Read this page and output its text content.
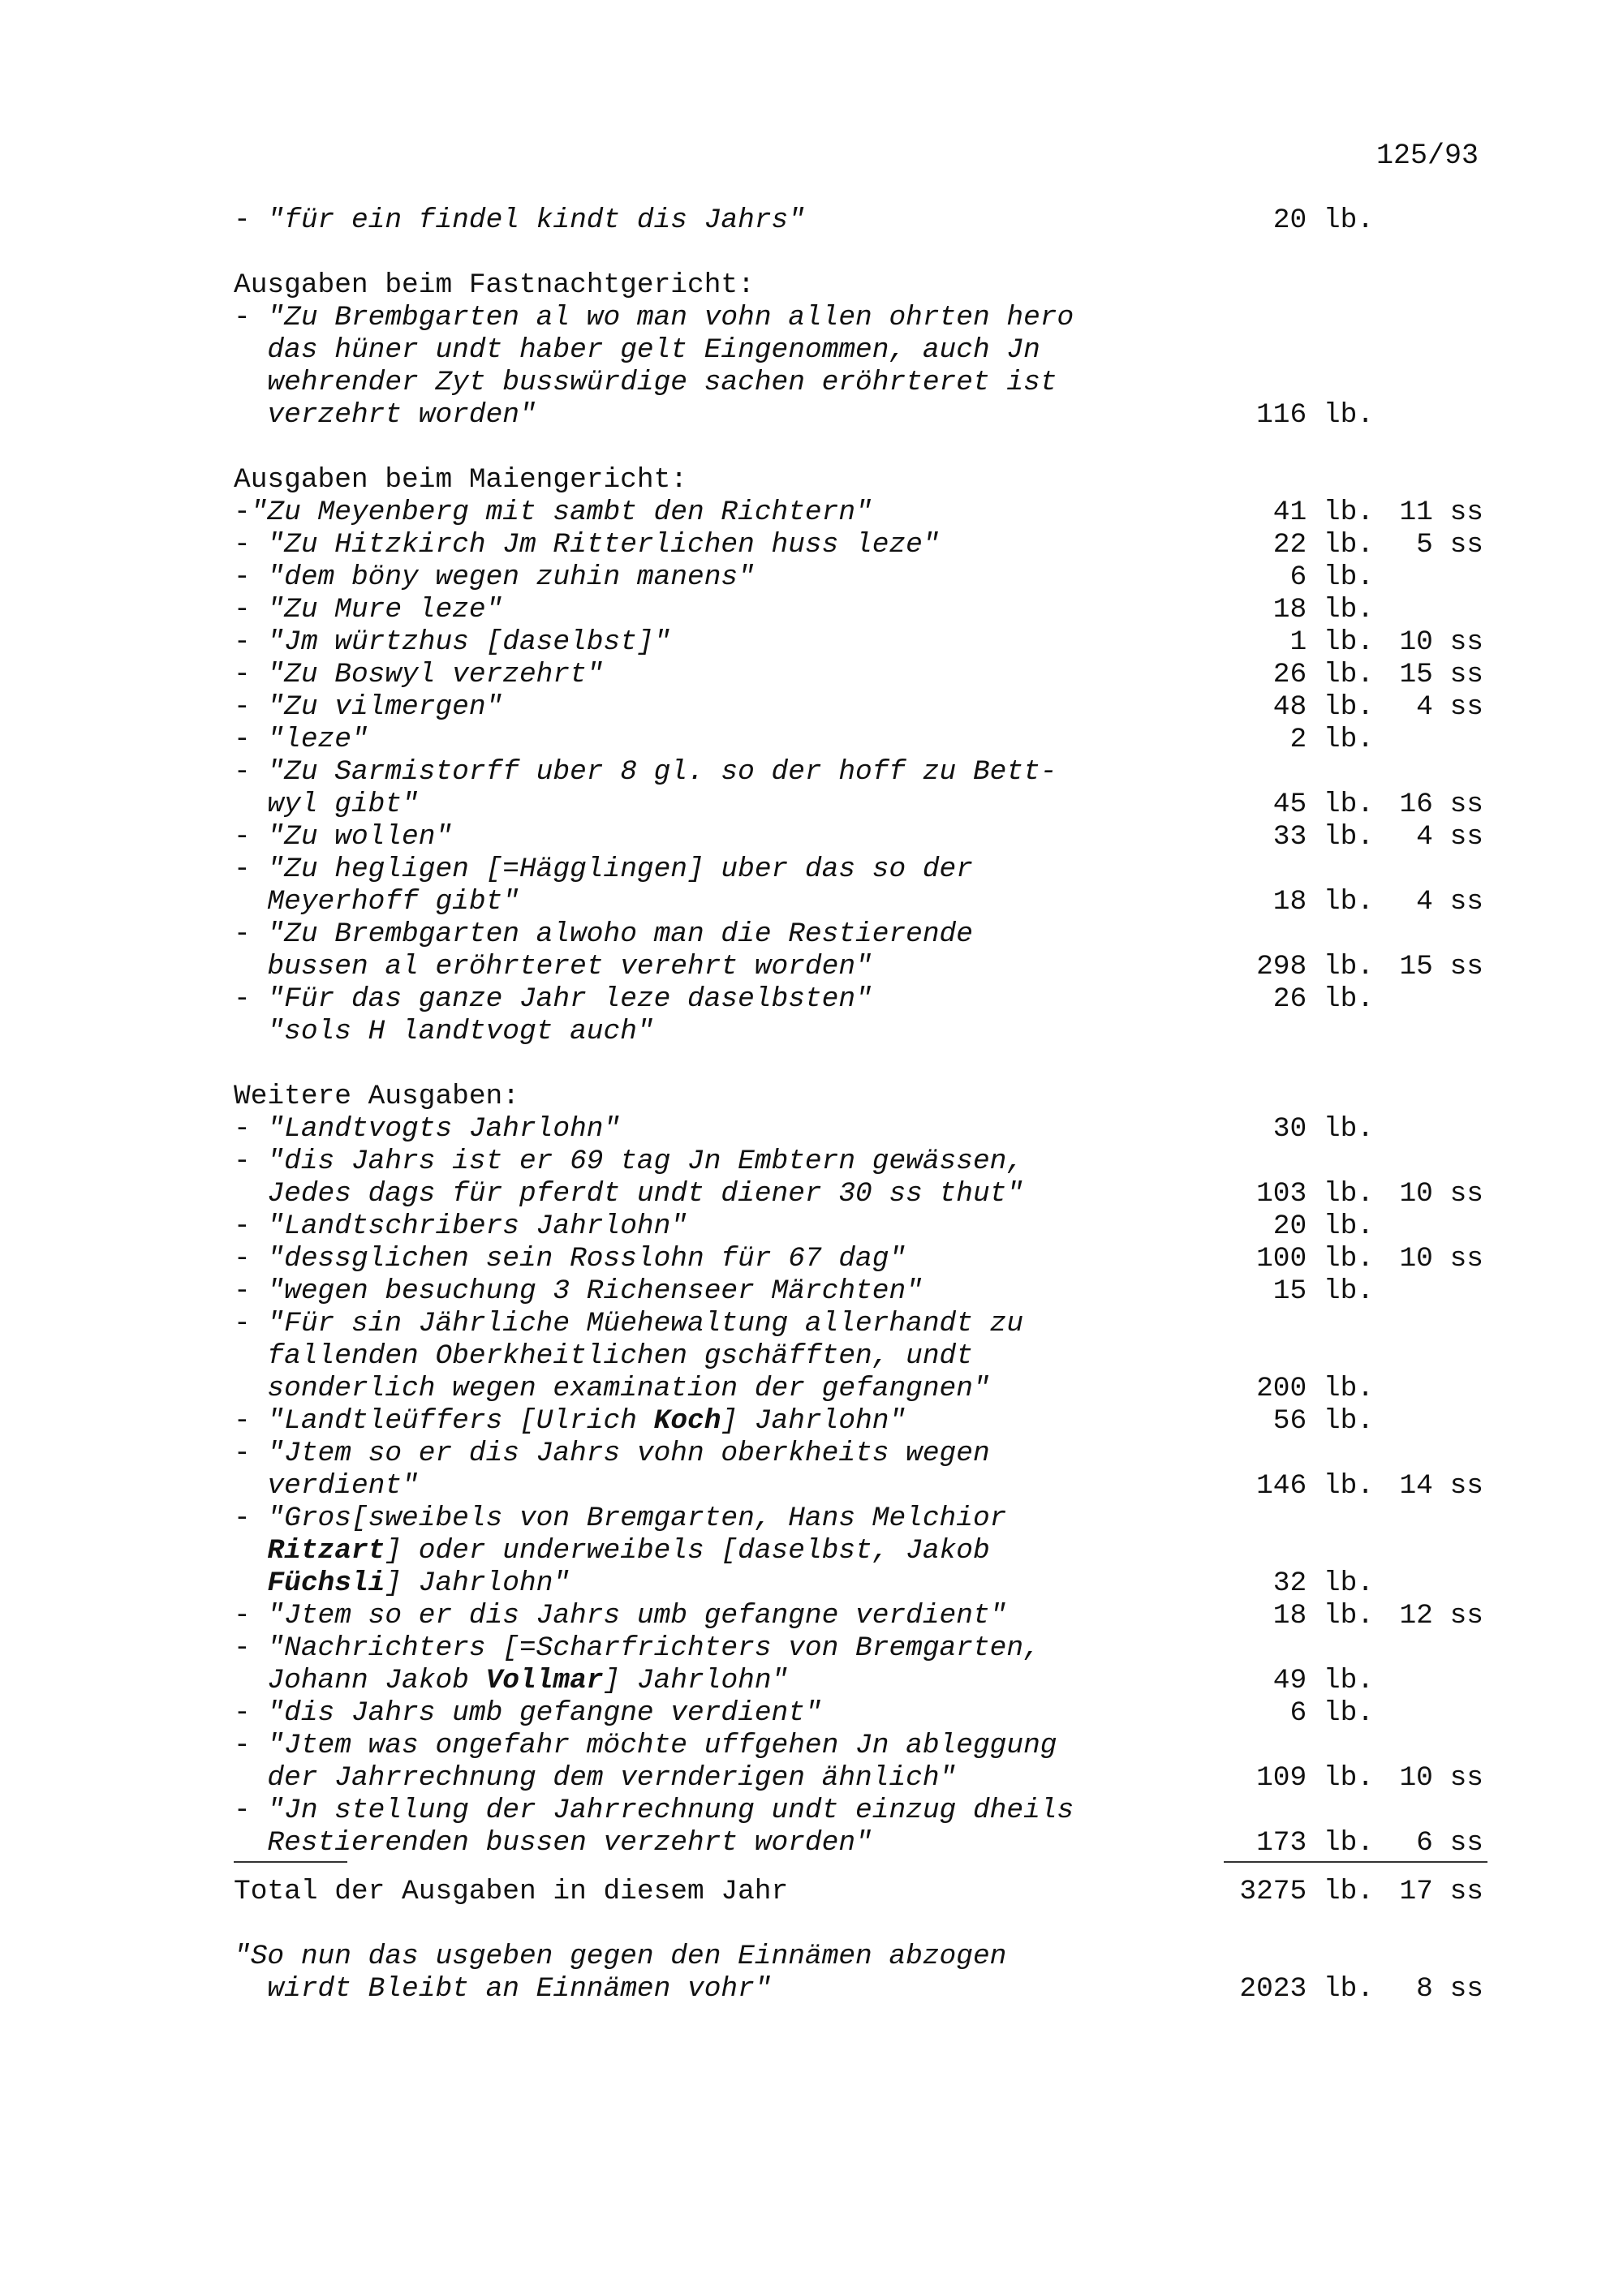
125/93
- "für ein findel kindt dis Jahrs"	20 lb.
Ausgaben beim Fastnachtgericht:
- "Zu Brembgarten al wo man vohn allen ohrten hero
das hüner undt haber gelt Eingenommen, auch Jn
wehrender Zyt busswürdige sachen eröhrteret ist
verzehrt worden"	116 lb.
Ausgaben beim Maiengericht:
-"Zu Meyenberg mit sambt den Richtern"	41 lb. 11 ss
- "Zu Hitzkirch Jm Ritterlichen huss leze"	22 lb.	5 ss
- "dem böny wegen zuhin manens"	6 lb.
- "Zu Mure leze"	18 lb.
- "Jm würtzhus [daselbst]"	1 lb. 10 ss
- "Zu Boswyl verzehrt"	26 lb. 15 ss
- "Zu vilmergen"	48 lb.	4 ss
- "leze"	2 lb.
- "Zu Sarmistorff uber 8 gl. so der hoff zu Bett-
wyl gibt"	45 lb. 16 ss
- "Zu wollen"	33 lb.	4 ss
- "Zu hegligen [=Hägglingen] uber das so der
Meyerhoff gibt"	18 lb.	4 ss
- "Zu Brembgarten alwoho man die Restierende
bussen al eröhrteret verehrt worden"	298 lb. 15 ss
- "Für das ganze Jahr leze daselbsten"	26 lb.
"sols H landtvogt auch"
Weitere Ausgaben:
- "Landtvogts Jahrlohn"	30 lb.
- "dis Jahrs ist er 69 tag Jn Embtern gewässen,
Jedes dags für pferdt undt diener 30 ss thut"	103 lb. 10 ss
- "Landtschribers Jahrlohn"	20 lb.
- "dessglichen sein Rosslohn für 67 dag"	100 lb. 10 ss
- "wegen besuchung 3 Richenseer Märchten"	15 lb.
- "Für sin Jährliche Müehewaltung allerhandt zu
fallenden Oberkheitlichen gschäfften, undt
sonderlich wegen examination der gefangnen"	200 lb.
- "Landtleüffers [Ulrich Koch] Jahrlohn"	56 lb.
- "Jtem so er dis Jahrs vohn oberkheits wegen
verdient"	146 lb. 14 ss
- "Gros[sweibels von Bremgarten, Hans Melchior
Ritzart] oder underweibels [daselbst, Jakob
Füchsli] Jahrlohn"	32 lb.
- "Jtem so er dis Jahrs umb gefangne verdient"	18 lb. 12 ss
- "Nachrichters [=Scharfrichters von Bremgarten,
Johann Jakob Vollmar] Jahrlohn"	49 lb.
- "dis Jahrs umb gefangne verdient"	6 lb.
- "Jtem was ongefahr möchte uffgehen Jn ableggung
der Jahrrechnung dem vernderigen ähnlich"	109 lb. 10 ss
- "Jn stellung der Jahrrechnung undt einzug dheils
Restierenden bussen verzehrt worden"	173 lb.	6 ss
Total der Ausgaben in diesem Jahr	3275 lb. 17 ss
"So nun das usgeben gegen den Einnämen abzogen
wirdt Bleibt an Einnämen vohr"	2023 lb.	8 ss
